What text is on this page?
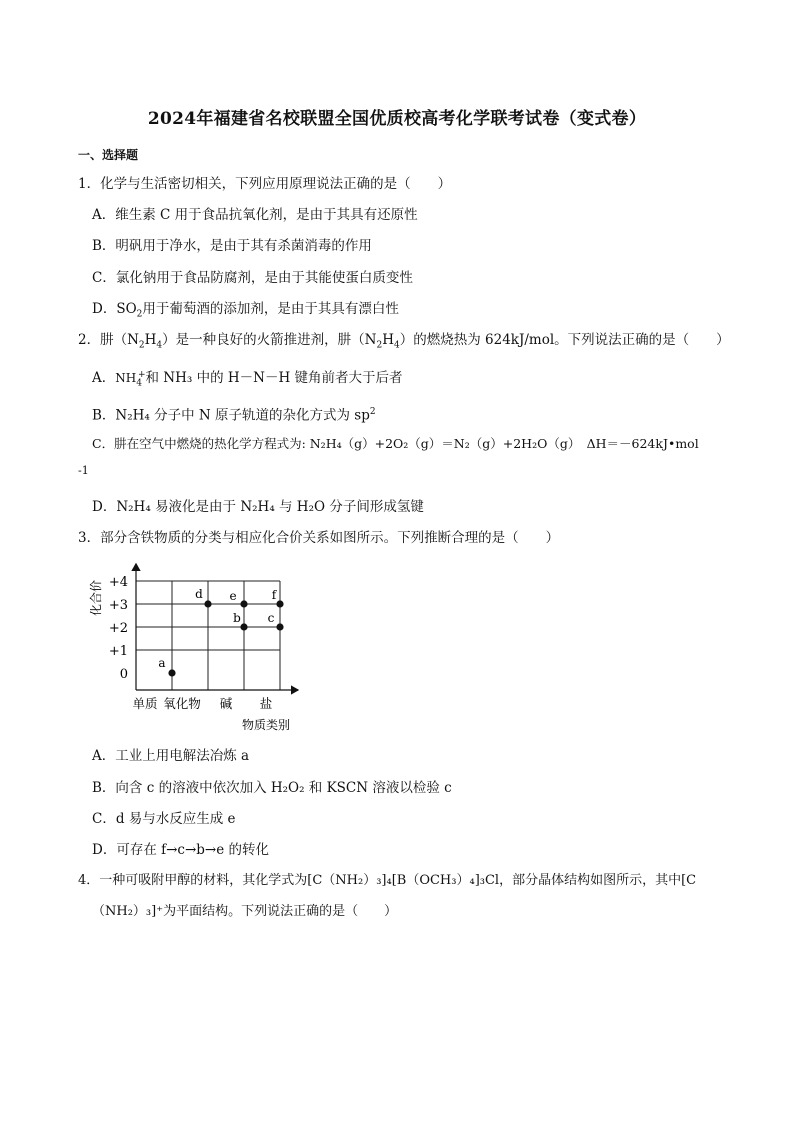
2024年福建省名校联盟全国优质校高考化学联考试卷（变式卷）
一、选择题
1．化学与生活密切相关，下列应用原理说法正确的是（　　）
A．维生素 C 用于食品抗氧化剂，是由于其具有还原性
B．明矾用于净水，是由于其有杀菌消毒的作用
C．氯化钠用于食品防腐剂，是由于其能使蛋白质变性
D．$SO_2$用于葡萄酒的添加剂，是由于其具有漂白性
2．肼$(N_2H_4)$是一种良好的火箭推进剂，肼$(N_2H_4)$的燃烧热为 624kJ/mol。下列说法正确的是（　　）
A．$NH_4^+$和 NH₃ 中的 H－N－H 键角前者大于后者
B．N₂H₄ 分子中 N 原子轨道的杂化方式为 $sp^2$
C．肼在空气中燃烧的热化学方程式为: N₂H₄（g）+2O₂（g）＝N₂（g）+2H₂O（g）　ΔH＝－624kJ•mol
-1
D．N₂H₄ 易液化是由于 N₂H₄ 与 H₂O 分子间形成氢键
3．部分含铁物质的分类与相应化合价关系如图所示。下列推断合理的是（　　）
化合价
物质类别
+4
+3
+2
+1
0
单质 氧化物 碱 盐
a
d e
b
f
c
A．工业上用电解法冶炼 a
B．向含 c 的溶液中依次加入 H₂O₂ 和 KSCN 溶液以检验 c
C．d 易与水反应生成 e
D．可存在 f→c→b→e 的转化
4．一种可吸附甲醇的材料，其化学式为[C（NH₂）₃]₄[B（OCH₃）₄]₃Cl，部分晶体结构如图所示，其中[C
（NH₂）₃]⁺为平面结构。下列说法正确的是（　　）
